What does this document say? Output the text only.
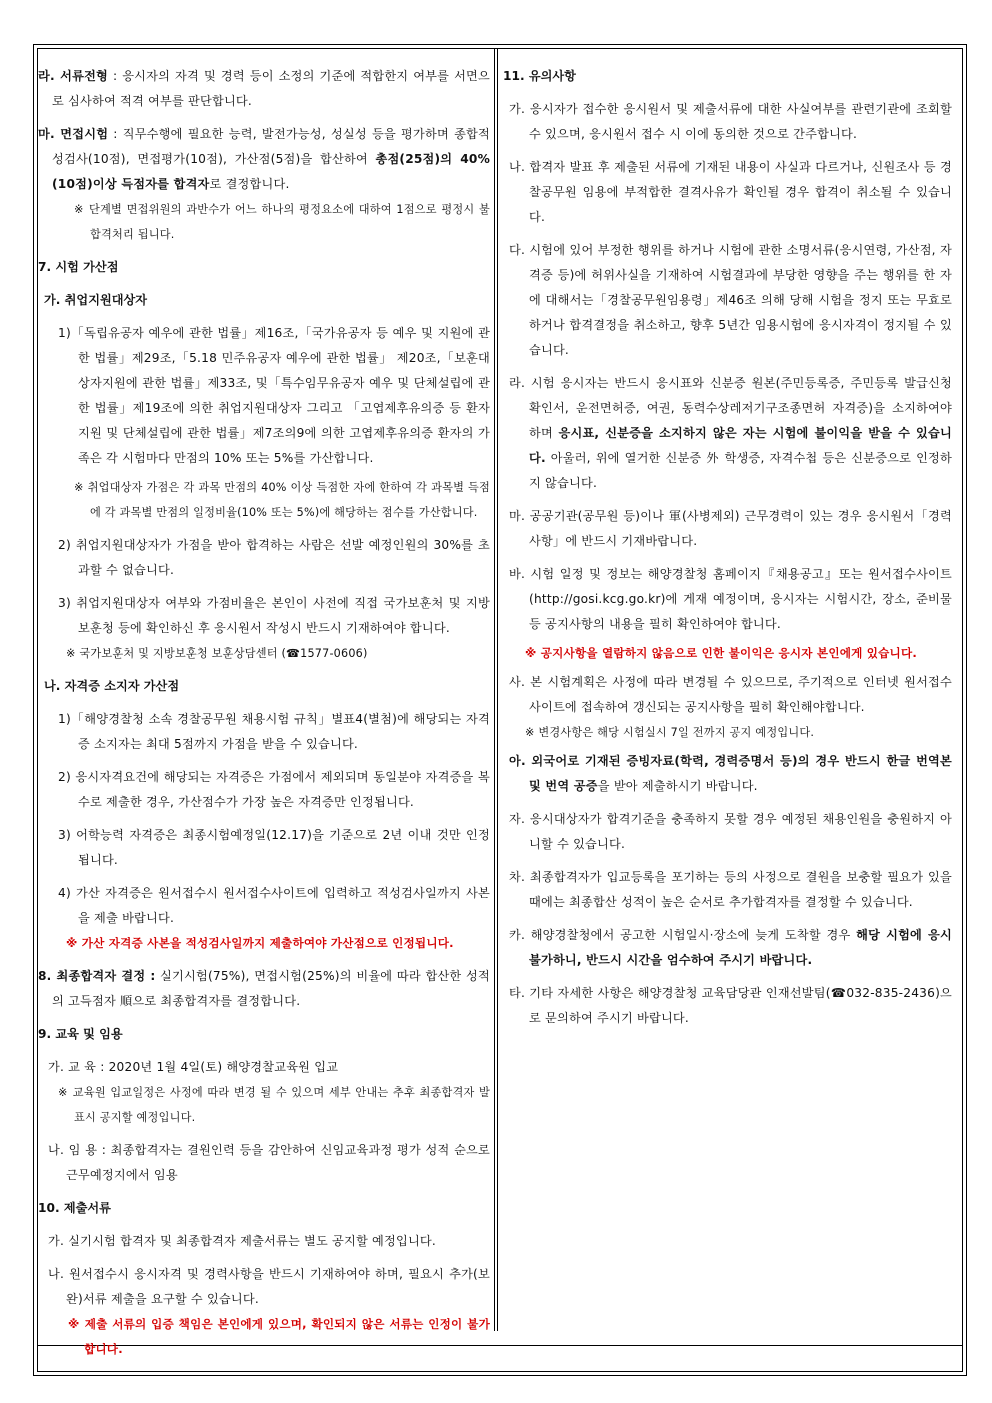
라. 서류전형 : 응시자의 자격 및 경력 등이 소정의 기준에 적합한지 여부를 서면으로 심사하여 적격 여부를 판단합니다.

마. 면접시험 : 직무수행에 필요한 능력, 발전가능성, 성실성 등을 평가하며 종합적성검사(10점), 면접평가(10점), 가산점(5점)을 합산하여 총점(25점)의 40% (10점)이상 득점자를 합격자로 결정합니다.

※ 단계별 면접위원의 과반수가 어느 하나의 평정요소에 대하여 1점으로 평정시 불합격처리 됩니다.

7. 시험 가산점

가. 취업지원대상자

1)「독립유공자 예우에 관한 법률」제16조,「국가유공자 등 예우 및 지원에 관한 법률」제29조,「5.18 민주유공자 예우에 관한 법률」 제20조,「보훈대상자지원에 관한 법률」제33조, 및「특수임무유공자 예우 및 단체설립에 관한 법률」제19조에 의한 취업지원대상자 그리고 「고엽제후유의증 등 환자지원 및 단체설립에 관한 법률」제7조의9에 의한 고엽제후유의증 환자의 가족은 각 시험마다 만점의 10% 또는 5%를 가산합니다.

※ 취업대상자 가점은 각 과목 만점의 40% 이상 득점한 자에 한하여 각 과목별 득점에 각 과목별 만점의 일정비율(10% 또는 5%)에 해당하는 점수를 가산합니다.

2) 취업지원대상자가 가점을 받아 합격하는 사람은 선발 예정인원의 30%를 초과할 수 없습니다.

3) 취업지원대상자 여부와 가점비율은 본인이 사전에 직접 국가보훈처 및 지방보훈청 등에 확인하신 후 응시원서 작성시 반드시 기재하여야 합니다.

※ 국가보훈처 및 지방보훈청 보훈상담센터 (☎1577-0606)

나. 자격증 소지자 가산점

1)「해양경찰청 소속 경찰공무원 채용시험 규칙」별표4(별첨)에 해당되는 자격증 소지자는 최대 5점까지 가점을 받을 수 있습니다.

2) 응시자격요건에 해당되는 자격증은 가점에서 제외되며 동일분야 자격증을 복수로 제출한 경우, 가산점수가 가장 높은 자격증만 인정됩니다.

3) 어학능력 자격증은 최종시험예정일(12.17)을 기준으로 2년 이내 것만 인정됩니다.

4) 가산 자격증은 원서접수시 원서접수사이트에 입력하고 적성검사일까지 사본을 제출 바랍니다.

※ 가산 자격증 사본을 적성검사일까지 제출하여야 가산점으로 인정됩니다.

8. 최종합격자 결정 : 실기시험(75%), 면접시험(25%)의 비율에 따라 합산한 성적의 고득점자 順으로 최종합격자를 결정합니다.

9. 교육 및 임용

가. 교 육 : 2020년 1월 4일(토) 해양경찰교육원 입교

※ 교육원 입교일정은 사정에 따라 변경 될 수 있으며 세부 안내는 추후 최종합격자 발표시 공지할 예정입니다.

나. 임 용 : 최종합격자는 결원인력 등을 감안하여 신임교육과정 평가 성적 순으로 근무예정지에서 임용

10. 제출서류

가. 실기시험 합격자 및 최종합격자 제출서류는 별도 공지할 예정입니다.

나. 원서접수시 응시자격 및 경력사항을 반드시 기재하여야 하며, 필요시 추가(보완)서류 제출을 요구할 수 있습니다.

※ 제출 서류의 입증 책임은 본인에게 있으며, 확인되지 않은 서류는 인정이 불가합니다.

11. 유의사항

가. 응시자가 접수한 응시원서 및 제출서류에 대한 사실여부를 관련기관에 조회할 수 있으며, 응시원서 접수 시 이에 동의한 것으로 간주합니다.

나. 합격자 발표 후 제출된 서류에 기재된 내용이 사실과 다르거나, 신원조사 등 경찰공무원 임용에 부적합한 결격사유가 확인될 경우 합격이 취소될 수 있습니다.

다. 시험에 있어 부정한 행위를 하거나 시험에 관한 소명서류(응시연령, 가산점, 자격증 등)에 허위사실을 기재하여 시험결과에 부당한 영향을 주는 행위를 한 자에 대해서는「경찰공무원임용령」제46조 의해 당해 시험을 정지 또는 무효로 하거나 합격결정을 취소하고, 향후 5년간 임용시험에 응시자격이 정지될 수 있습니다.

라. 시험 응시자는 반드시 응시표와 신분증 원본(주민등록증, 주민등록 발급신청 확인서, 운전면허증, 여권, 동력수상레저기구조종면허 자격증)을 소지하여야 하며 응시표, 신분증을 소지하지 않은 자는 시험에 불이익을 받을 수 있습니다. 아울러, 위에 열거한 신분증 外 학생증, 자격수첩 등은 신분증으로 인정하지 않습니다.

마. 공공기관(공무원 등)이나 軍(사병제외) 근무경력이 있는 경우 응시원서「경력사항」에 반드시 기재바랍니다.

바. 시험 일정 및 정보는 해양경찰청 홈페이지『채용공고』또는 원서접수사이트(http://gosi.kcg.go.kr)에 게재 예정이며, 응시자는 시험시간, 장소, 준비물 등 공지사항의 내용을 필히 확인하여야 합니다.

※ 공지사항을 열람하지 않음으로 인한 불이익은 응시자 본인에게 있습니다.

사. 본 시험계획은 사정에 따라 변경될 수 있으므로, 주기적으로 인터넷 원서접수사이트에 접속하여 갱신되는 공지사항을 필히 확인해야합니다.

※ 변경사항은 해당 시험실시 7일 전까지 공지 예정입니다.

아. 외국어로 기재된 증빙자료(학력, 경력증명서 등)의 경우 반드시 한글 번역본 및 번역 공증을 받아 제출하시기 바랍니다.

자. 응시대상자가 합격기준을 충족하지 못할 경우 예정된 채용인원을 충원하지 아니할 수 있습니다.

차. 최종합격자가 입교등록을 포기하는 등의 사정으로 결원을 보충할 필요가 있을 때에는 최종합산 성적이 높은 순서로 추가합격자를 결정할 수 있습니다.

카. 해양경찰청에서 공고한 시험일시·장소에 늦게 도착할 경우 해당 시험에 응시 불가하니, 반드시 시간을 엄수하여 주시기 바랍니다.

타. 기타 자세한 사항은 해양경찰청 교육담당관 인재선발팀(☎032-835-2436)으로 문의하여 주시기 바랍니다.
